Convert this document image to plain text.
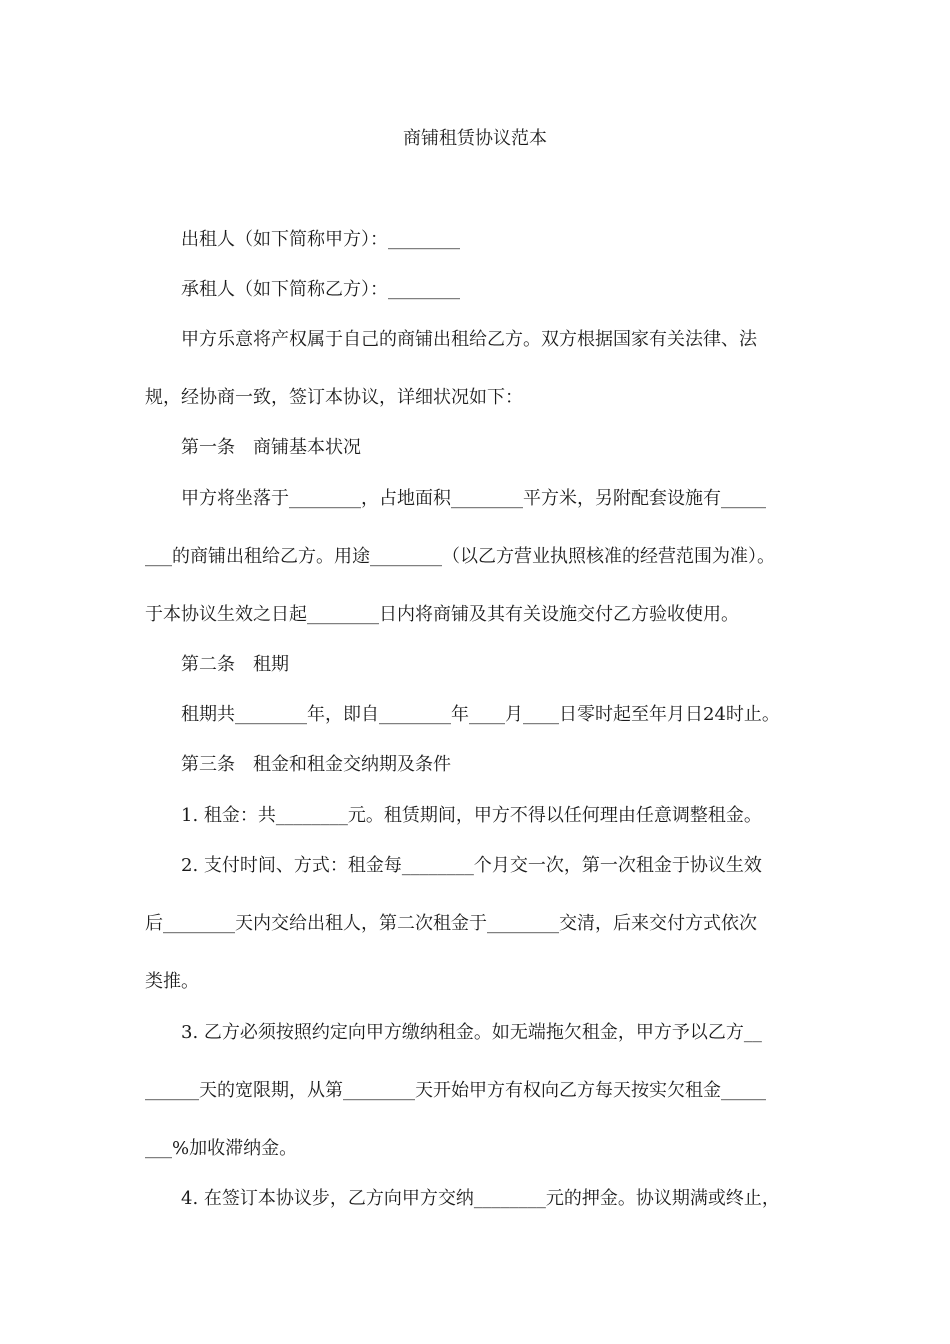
商铺租赁协议范本

出租人（如下简称甲方）：________

承租人（如下简称乙方）：________

甲方乐意将产权属于自己的商铺出租给乙方。双方根据国家有关法律、法

规，经协商一致，签订本协议，详细状况如下：

第一条　商铺基本状况

甲方将坐落于________，占地面积________平方米，另附配套设施有_____

___的商铺出租给乙方。用途________（以乙方营业执照核准的经营范围为准）。

于本协议生效之日起________日内将商铺及其有关设施交付乙方验收使用。

第二条　租期

租期共________年，即自________年____月____日零时起至年月日24时止。

第三条　租金和租金交纳期及条件

1. 租金：共________元。租赁期间，甲方不得以任何理由任意调整租金。

2. 支付时间、方式：租金每________个月交一次，第一次租金于协议生效

后________天内交给出租人，第二次租金于________交清，后来交付方式依次

类推。

3. 乙方必须按照约定向甲方缴纳租金。如无端拖欠租金，甲方予以乙方__

______天的宽限期，从第________天开始甲方有权向乙方每天按实欠租金_____

___%加收滞纳金。

4. 在签订本协议步，乙方向甲方交纳________元的押金。协议期满或终止，
